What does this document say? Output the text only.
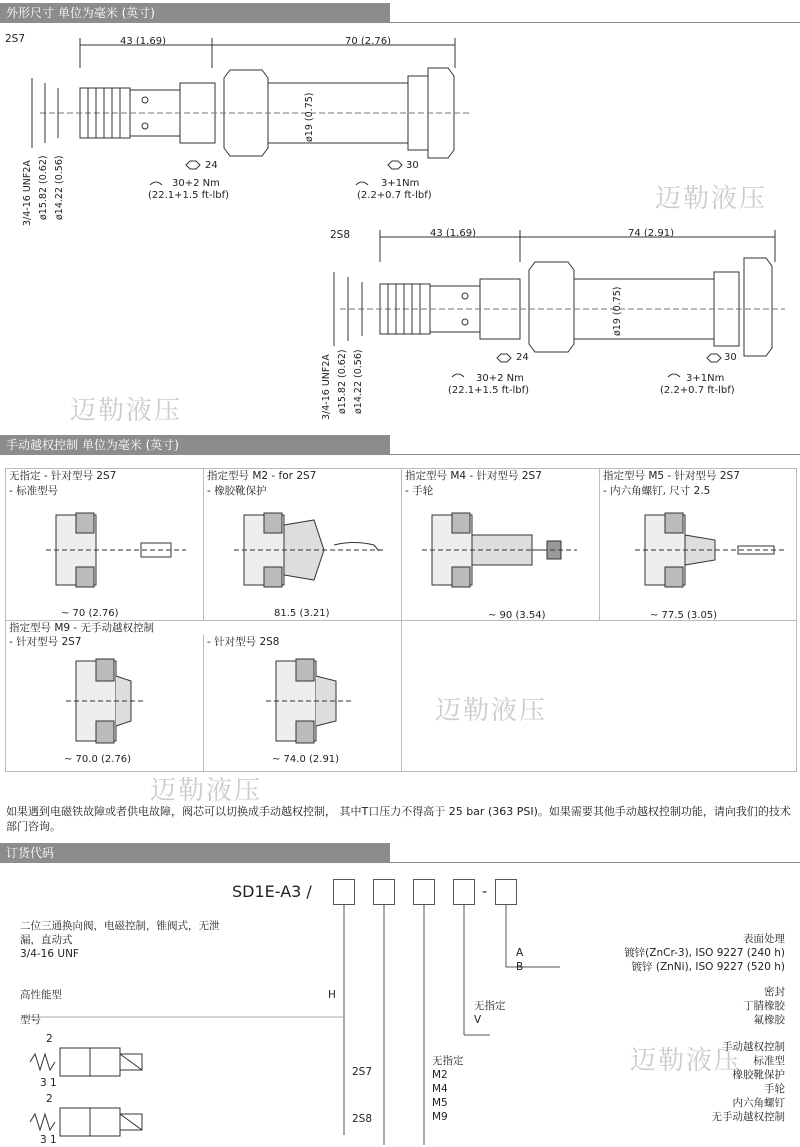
外形尺寸 单位为毫米 (英寸)
2S7	43 (1.69)	70 (2.76)
ø19 (0.75)
24	30
30+2 Nm
(22.1+1.5 ft-lbf)
3+1Nm
(2.2+0.7 ft-lbf)
3/4-16 UNF2A ø15.82 (0.62) ø14.22 (0.56)
2S8	43 (1.69)	74 (2.91)
ø19 (0.75)
24	30
30+2 Nm
(22.1+1.5 ft-lbf)
3+1Nm
(2.2+0.7 ft-lbf)
3/4-16 UNF2A ø15.82 (0.62) ø14.22 (0.56)
手动越权控制 单位为毫米 (英寸)
无指定 - 针对型号 2S7
- 标准型号
~ 70 (2.76)
指定型号 M2 - for 2S7
- 橡胶靴保护
81.5 (3.21)
指定型号 M4 - 针对型号 2S7
- 手轮
~ 90 (3.54)
指定型号 M5 - 针对型号 2S7
- 内六角螺钉, 尺寸 2.5
~ 77.5 (3.05)
指定型号 M9 - 无手动越权控制
- 针对型号 2S7	- 针对型号 2S8
~ 70.0 (2.76)	~ 74.0 (2.91)
如果遇到电磁铁故障或者供电故障，阀芯可以切换成手动越权控制， 其中T口压力不得高于 25 bar (363 PSI)。如果需要其他手动越权控制功能，请向我们的技术部门咨询。
订货代码
SD1E-A3 /	-
二位三通换向阀，电磁控制，锥阀式，无泄
漏，直动式
3/4-16 UNF
高性能型	H
型号
表面处理
A	镀锌(ZnCr-3), ISO 9227 (240 h)
B	镀锌 (ZnNi), ISO 9227 (520 h)
密封
无指定	丁腈橡胶
V	氟橡胶
手动越权控制
无指定	标准型
M2	橡胶靴保护
M4	手轮
M5	内六角螺钉
M9	无手动越权控制
2
3 1
2
3 1
2S7
2S8
迈勒液压
迈勒液压
迈勒液压
迈勒液压
迈勒液压
